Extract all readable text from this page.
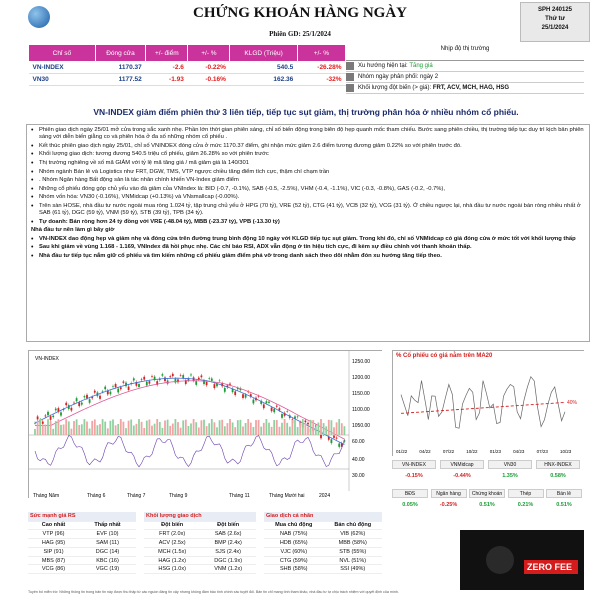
CHỨNG KHOÁN HÀNG NGÀY
Phiên GD: 25/1/2024
SPH 240125
Thứ tư
25/1/2024
Chỉ số	Đóng cửa	+/- điểm	+/- %	KLGD (Triệu)	+/- %
VN-INDEX	1170.37	-2.6	-0.22%	540.5	-26.28%
VN30	1177.52	-1.93	-0.16%	162.36	-32%
Nhịp độ thị trường
Xu hướng hiện tại:
Tăng giá
Nhóm ngày phân phối: ngày 2
Khối lượng đột biến (> giá):
FRT, ACV, MCH, HAG, HSG
VN-INDEX giảm điểm phiên thứ 3 liên tiếp, tiếp tục sụt giảm, thị trường phân hóa ở nhiều nhóm cổ phiếu.
• Phiên giao dịch ngày 25/01 mở cửa trong sắc xanh nhẹ. Phần lớn thời gian phiên sáng, chỉ số biến động trong biên độ hẹp quanh mốc tham chiếu. Bước sang phiên chiều, thị trường tiếp tục duy trì kịch bản phiên sáng với diễn biến giằng co và phiên hóa ở đa số những nhóm cổ phiếu .
• Kết thúc phiên giao dịch ngày 25/01, chỉ số VNINDEX đóng cửa ở mức 1170.37 điểm, ghi nhận mức giảm 2.6 điểm tương đương giảm 0.22% so với phiên trước đó.
• Khối lượng giao dịch: tương đương 540.5 triệu cổ phiếu, giảm 26.28% so với phiên trước
• Thị trường nghiêng về số mã GIẢM với tỷ lệ mã tăng giá / mã giảm giá là 140/301
• Nhóm ngành Bán lẻ và Logistics như FRT, DGW, TMS, VTP ngược chiều tăng điểm tích cực, thậm chí chạm trần
• . Nhóm Ngân hàng Bất động sản là tác nhân chính khiến VN-Index giảm điểm
• Những cổ phiếu đóng góp chủ yếu vào đà giảm của VNIndex là: BID (-0.7, -0.1%), SAB (-0.5, -2.5%), VHM (-0.4, -1.1%), VIC (-0.3, -0.8%), GAS (-0.2, -0.7%),
• Nhóm vốn hóa: VN30 (-0.16%), VNMidcap (+0.13%) và VNsmallcap (-0.00%).
• Trên sàn HOSE, nhà đầu tư nước ngoài mua ròng 1.024 tỷ, tập trung chủ yếu ở HPG (70 tỷ), VRE (52 tỷ), CTG (41 tỷ), VCB (32 tỷ), VCG (31 tỷ). Ở chiều ngược lại, nhà đầu tư nước ngoài bán ròng nhiều nhất ở SAB (61 tỷ), DGC (59 tỷ), VNM (59 tỷ), STB (39 tỷ), TPB (34 tỷ).
• Tự doanh: Bán ròng hơn 24 tỷ đồng với VRE (-48.04 tỷ), MBB (-23.37 tỷ), VPB (-13.30 tỷ)
Nhà đầu tư nên làm gì bây giờ
• VN-INDEX dao động hẹp và giảm nhẹ và đóng cửa trên đường trung bình động 10 ngày với KLGD tiếp tục sụt giảm. Trong khi đó, chỉ số VNMidcap có giá đóng cửa ở mức tốt với khối lượng thấp
• Sau khi giảm về vùng 1.168 - 1.169, VNIndex đã hồi phục nhẹ. Các chỉ báo RSI, ADX vẫn động ở tín hiệu tích cực, đi kèm sự điều chỉnh với thanh khoản thấp.
• Nhà đầu tư tiếp tục nắm giữ cổ phiếu và tìm kiếm những cổ phiếu giảm điểm phá vỡ trong danh sách theo dõi nhằm đón xu hướng tăng tiếp theo.
VN-INDEX	1250.00
1200.00
1150.00
1100.00
1050.00
60.00
40.00
30.00
Tháng Năm	Tháng 6	Tháng 7	Tháng 9	Tháng 11	Tháng Mười hai	2024
40%
01/22	04/22	07/22	10/22	01/23	04/23	07/23	10/23
% Cổ phiếu có giá nằm trên MA20
VN-INDEX
-0.15%
VNMidcap
-0.44%
VN30
1.35%
HNX-INDEX
0.58%
BĐS
0.05%
Ngân hàng
-0.25%
Chứng khoán
0.51%
Thép
0.21%
Bán lẻ
0.51%
Sức mạnh giá RS	
Cao nhất	Thấp nhất
VTP (96)	EVF (10)
HAG (95)	SAM (11)
SIP (91)	DGC (14)
MBS (87)	KBC (16)
VCG (86)	VGC (19)
Khối lượng giao dịch	
Đột biến	Đột biến
FRT (2.0x)	SAB (2.6x)
ACV (2.5x)	BMP (2.4x)
MCH (1.5x)	SJS (2.4x)
HAG (1.2x)	DGC (1.9x)
HSG (1.0x)	VNM (1.2x)
Giao dịch cá nhân	
Mua chủ động	Bán chủ động
NAB (75%)	VIB (62%)
HDB (65%)	MBB (58%)
VJC (60%)	STB (55%)
CTG (59%)	NVL (51%)
SHB (58%)	SSI (49%)	ZERO FEE
Tuyên bố miễn trừ: Những thông tin trong bản tin này được thu thập từ các nguồn đáng tin cậy nhưng không đảm bảo tính chính xác tuyệt đối. Bản tin chỉ mang tính tham khảo, nhà đầu tư tự chịu trách nhiệm với quyết định của mình.
